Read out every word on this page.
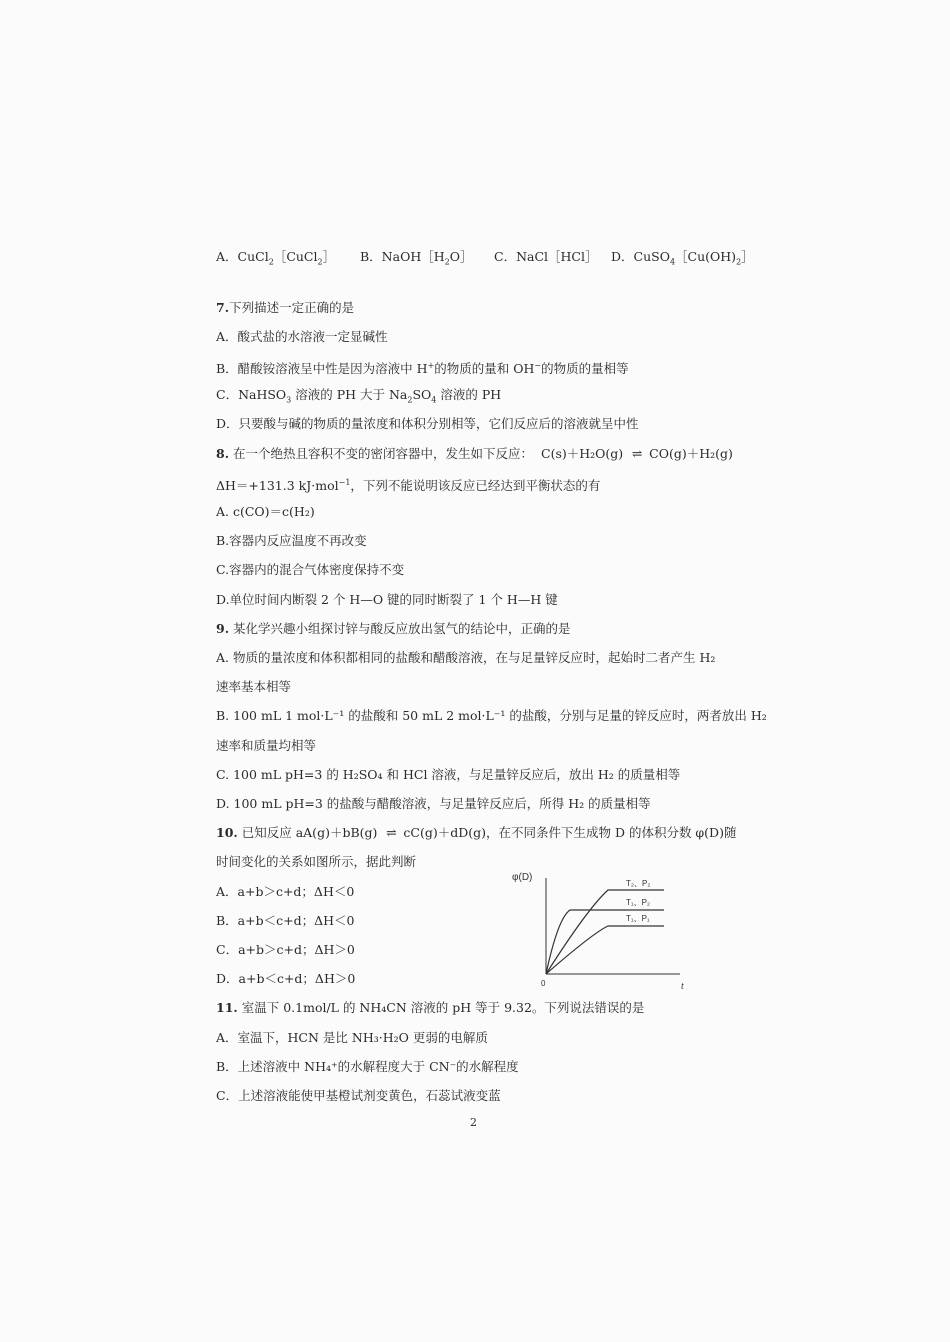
A．CuCl$_2$［CuCl$_2$］ B．$NaOH[H_2O]$ C．NaCl［HCl］ D．$CuSO_4[Cu(OH)_2]$
7.下列描述一定正确的是
A．酸式盐的水溶液一定显碱性
B．醋酸铵溶液呈中性是因为溶液中 H+的物质的量和 OH−的物质的量相等
C．NaHSO$_3$ 溶液的 PH 大于 $Na_2SO_4$ 溶液的 PH
D．只要酸与碱的物质的量浓度和体积分别相等，它们反应后的溶液就呈中性
8. 在一个绝热且容积不变的密闭容器中，发生如下反应： C(s)＋H₂O(g) ⇌ CO(g)＋H₂(g)
ΔH＝+131.3 kJ·mol$^{-1}$，下列不能说明该反应已经达到平衡状态的有
A. c(CO)＝c(H₂)
B.容器内反应温度不再改变
C.容器内的混合气体密度保持不变
D.单位时间内断裂 2 个 H—O 键的同时断裂了 1 个 H—H 键
9. 某化学兴趣小组探讨锌与酸反应放出氢气的结论中，正确的是
A. 物质的量浓度和体积都相同的盐酸和醋酸溶液，在与足量锌反应时，起始时二者产生 H₂
速率基本相等
B. 100 mL 1 mol·L⁻¹ 的盐酸和 50 mL 2 mol·L⁻¹ 的盐酸，分别与足量的锌反应时，两者放出 H₂
速率和质量均相等
C. 100 mL pH=3 的 H₂SO₄ 和 HCl 溶液，与足量锌反应后，放出 H₂ 的质量相等
D. 100 mL pH=3 的盐酸与醋酸溶液，与足量锌反应后，所得 H₂ 的质量相等
10. 已知反应 aA(g)＋bB(g) ⇌ cC(g)＋dD(g)，在不同条件下生成物 D 的体积分数 φ(D)随
时间变化的关系如图所示，据此判断
A．a+b＞c+d；ΔH＜0
B．a+b＜c+d；ΔH＜0
C．a+b＞c+d；ΔH＞0
D．a+b＜c+d；ΔH＞0
φ(D)
0	t
T₂、P₂
T₁、P₂
T₁、P₁
11. 室温下 0.1mol/L 的 NH₄CN 溶液的 pH 等于 9.32。下列说法错误的是
A．室温下，HCN 是比 NH₃·H₂O 更弱的电解质
B．上述溶液中 NH₄⁺的水解程度大于 CN⁻的水解程度
C．上述溶液能使甲基橙试剂变黄色，石蕊试液变蓝
2
